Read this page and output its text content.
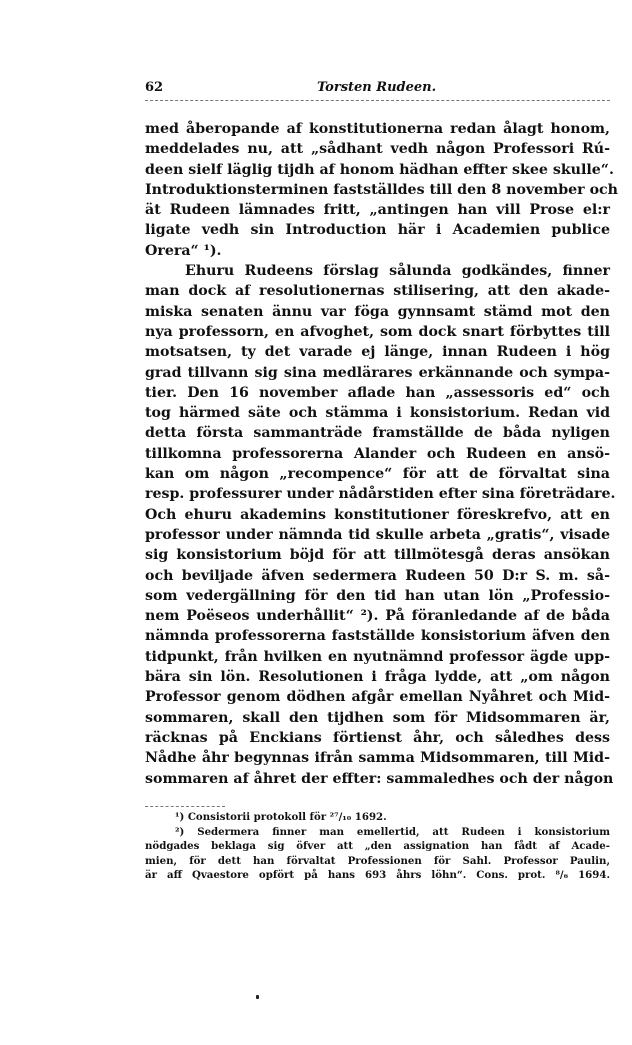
62	Torsten Rudeen.
med åberopande af konstitutionerna redan ålagt honom,
meddelades nu, att „sådhant vedh någon Professori Rú-
deen sielf läglig tijdh af honom hädhan effter skee skulle“.
Introduktionsterminen fastställdes till den 8 november och
ät Rudeen lämnades fritt, „antingen han vill Prose el:r
ligate vedh sin Introduction här i Academien publice
Orera“ ¹).
Ehuru Rudeens förslag sålunda godkändes, finner
man dock af resolutionernas stilisering, att den akade-
miska senaten ännu var föga gynnsamt stämd mot den
nya professorn, en afvoghet, som dock snart förbyttes till
motsatsen, ty det varade ej länge, innan Rudeen i hög
grad tillvann sig sina medlärares erkännande och sympa-
tier. Den 16 november aflade han „assessoris ed“ och
tog härmed säte och stämma i konsistorium. Redan vid
detta första sammanträde framställde de båda nyligen
tillkomna professorerna Alander och Rudeen en ansö-
kan om någon „recompence“ för att de förvaltat sina
resp. professurer under nådårstiden efter sina företrädare.
Och ehuru akademins konstitutioner föreskrefvo, att en
professor under nämnda tid skulle arbeta „gratis“, visade
sig konsistorium böjd för att tillmötesgå deras ansökan
och beviljade äfven sedermera Rudeen 50 D:r S. m. så-
som vedergällning för den tid han utan lön „Professio-
nem Poëseos underhållit“ ²). På föranledande af de båda
nämnda professorerna fastställde konsistorium äfven den
tidpunkt, från hvilken en nyutnämnd professor ägde upp-
bära sin lön. Resolutionen i fråga lydde, att „om någon
Professor genom dödhen afgår emellan Nyåhret och Mid-
sommaren, skall den tijdhen som för Midsommaren är,
räcknas på Enckians förtienst åhr, och såledhes dess
Nådhe åhr begynnas ifrån samma Midsommaren, till Mid-
sommaren af åhret der effter: sammaledhes och der någon
¹) Consistorii protokoll för ²⁷/₁₀ 1692.
²) Sedermera finner man emellertid, att Rudeen i konsistorium
nödgades beklaga sig öfver att „den assignation han fådt af Acade-
mien, för dett han förvaltat Professionen för Sahl. Professor Paulin,
är aff Qvaestore opfört på hans 693 åhrs löhn“. Cons. prot. ⁸/₆ 1694.
